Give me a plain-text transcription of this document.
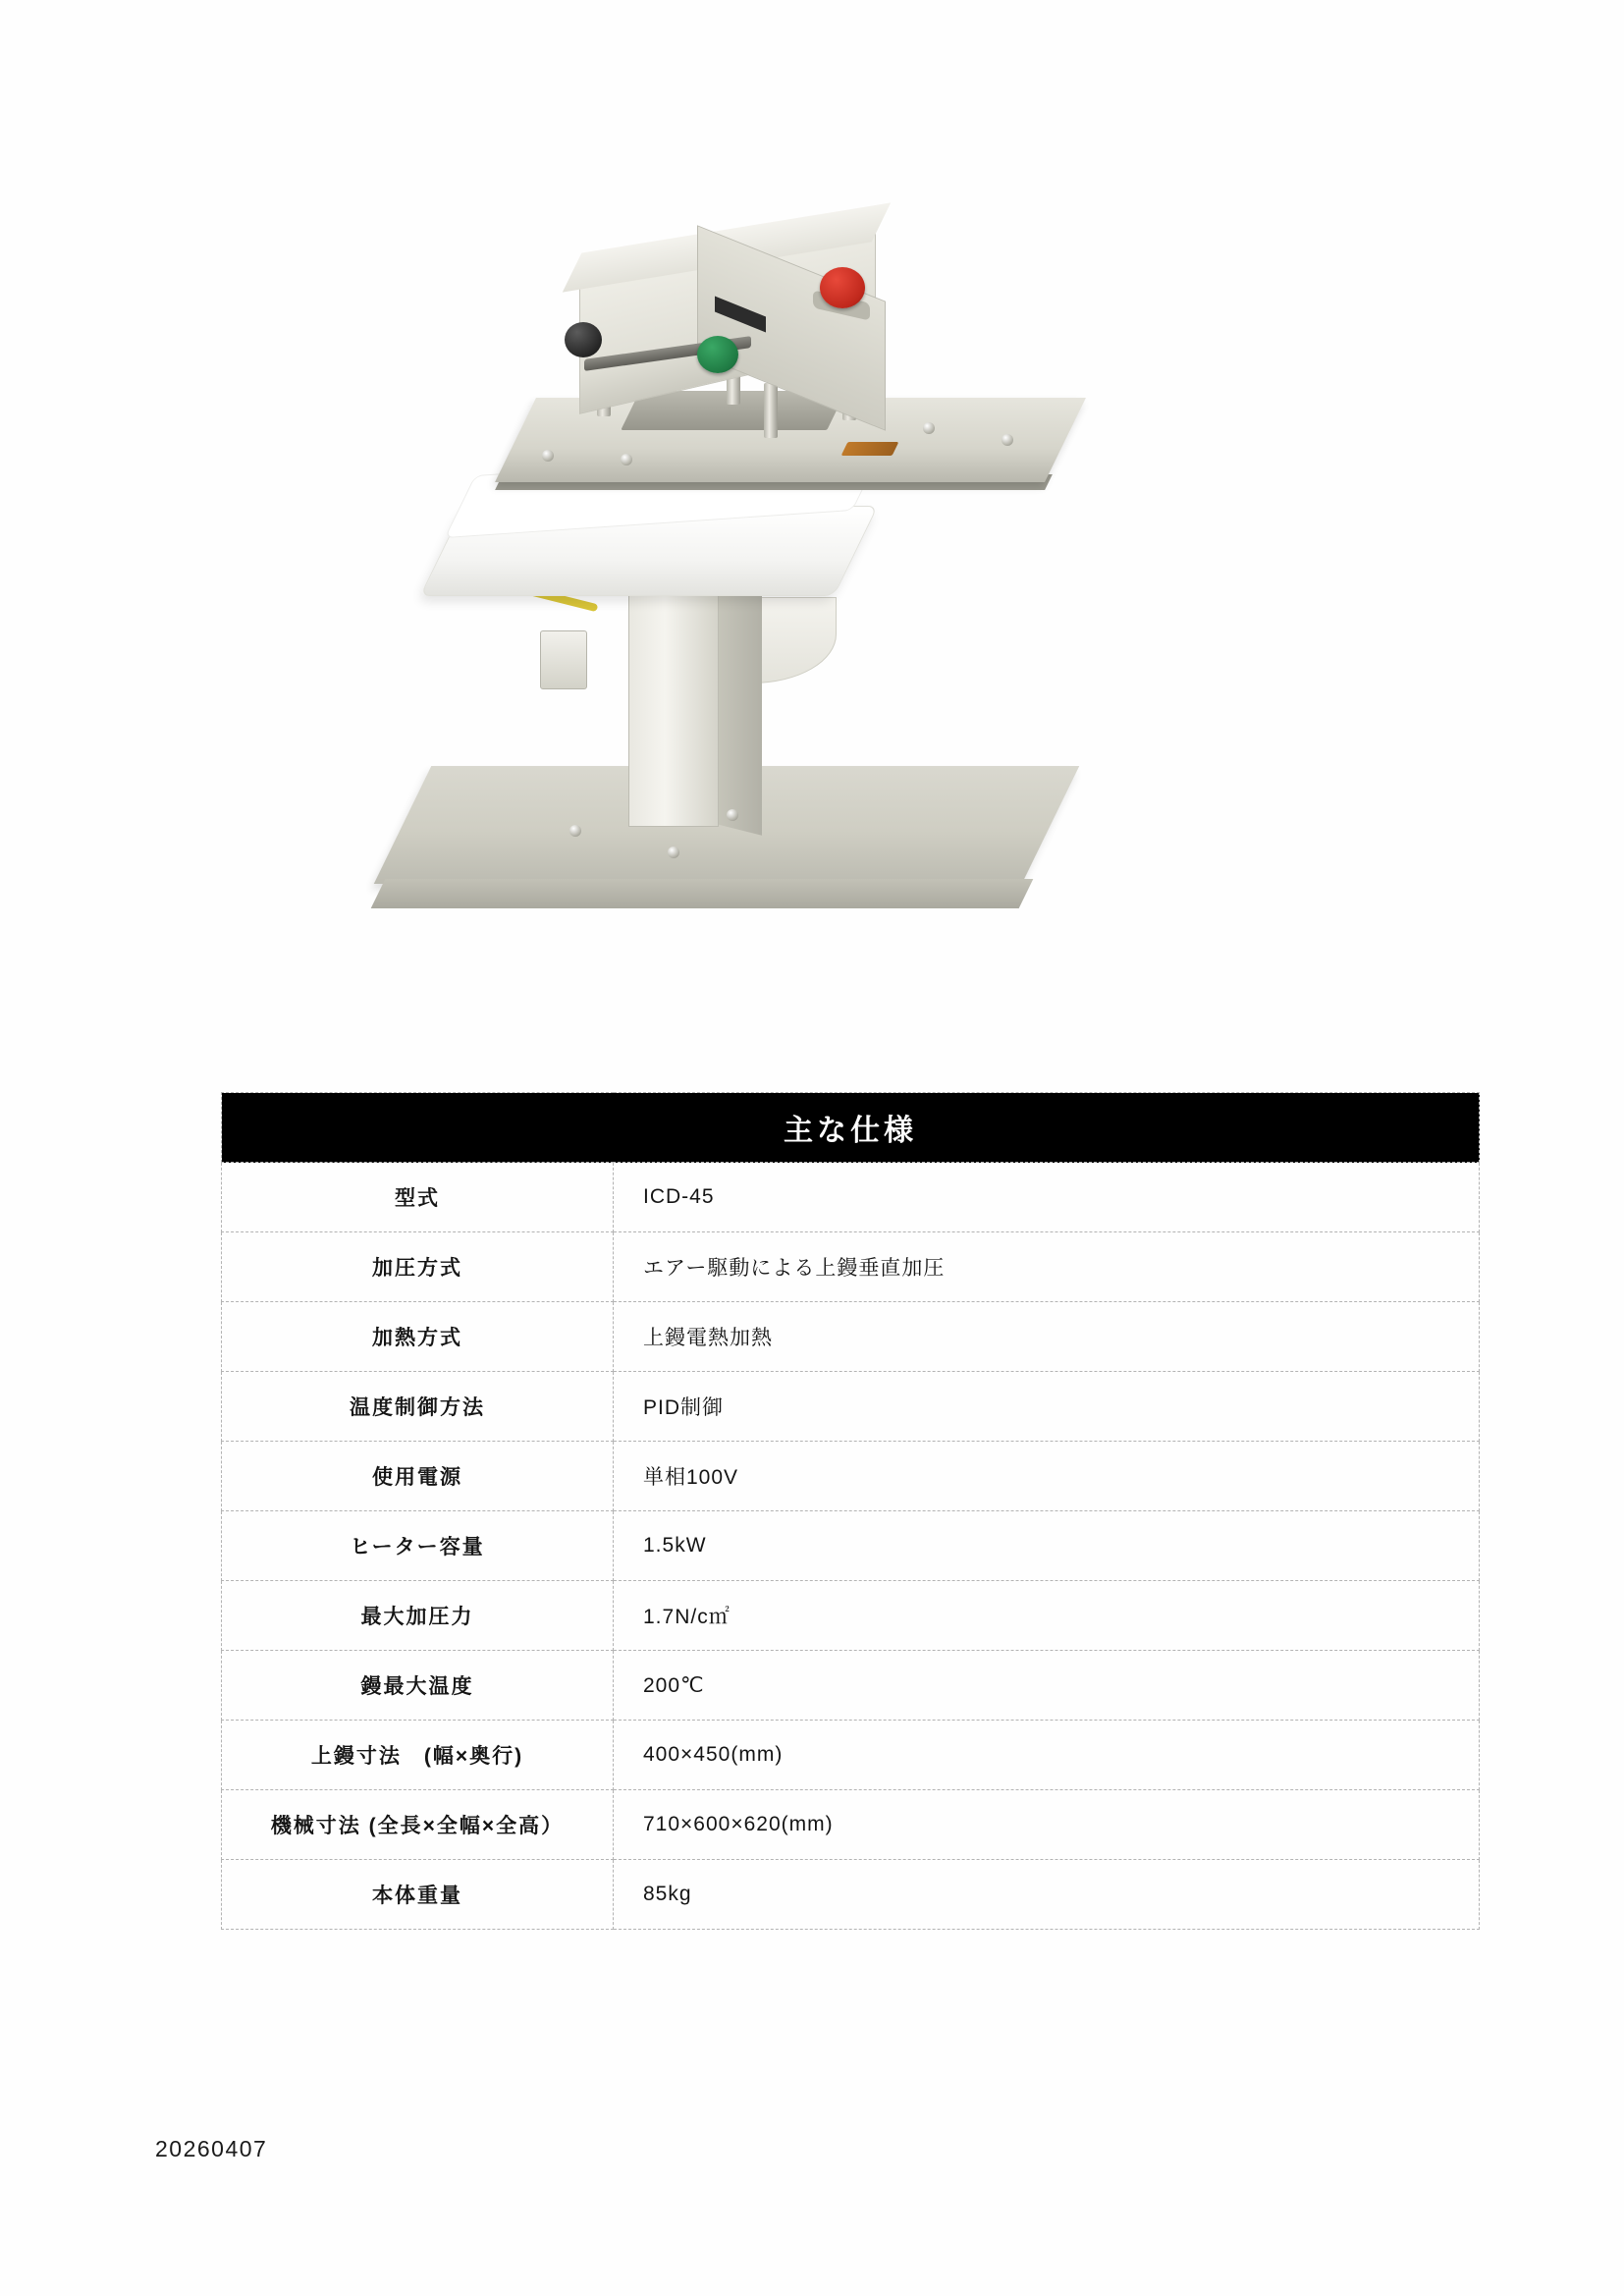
主な仕様	
型式	ICD-45
加圧方式	エアー駆動による上鏝垂直加圧
加熱方式	上鏝電熱加熱
温度制御方法	PID制御
使用電源	単相100V
ヒーター容量	1.5kW
最大加圧力	1.7N/c㎡
鏝最大温度	200℃
上鏝寸法　(幅×奥行)	400×450(mm)
機械寸法 (全長×全幅×全高）	710×600×620(mm)
本体重量	85kg
20260407
